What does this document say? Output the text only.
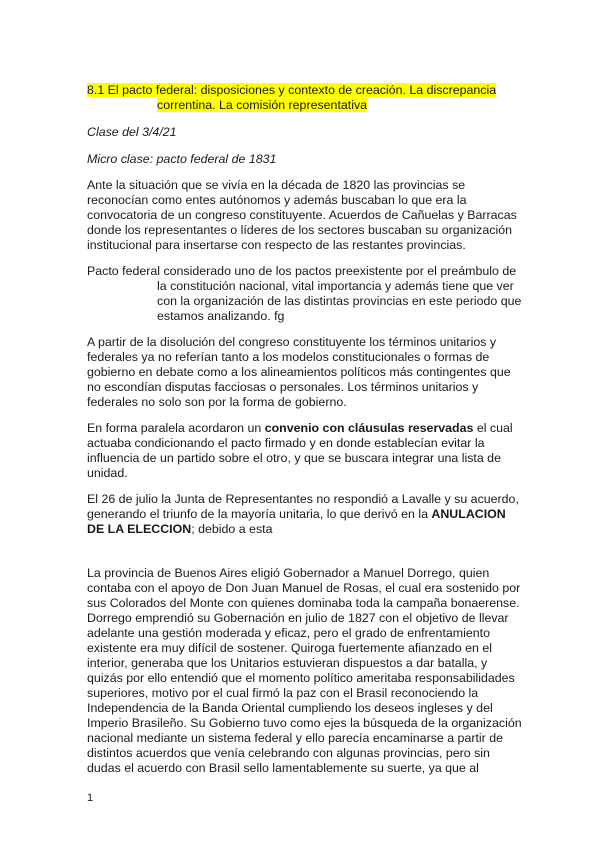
8.1 El pacto federal: disposiciones y contexto de creación. La discrepancia
correntina. La comisión representativa
Clase del 3/4/21
Micro clase: pacto federal de 1831
Ante la situación que se vivía en la década de 1820 las provincias se
reconocían como entes autónomos y además buscaban lo que era la
convocatoria de un congreso constituyente. Acuerdos de Cañuelas y Barracas
donde los representantes o líderes de los sectores buscaban su organización
institucional para insertarse con respecto de las restantes provincias.
Pacto federal considerado uno de los pactos preexistente por el preámbulo de
la constitución nacional, vital importancia y además tiene que ver
con la organización de las distintas provincias en este periodo que
estamos analizando. fg
A partir de la disolución del congreso constituyente los términos unitarios y
federales ya no referían tanto a los modelos constitucionales o formas de
gobierno en debate como a los alineamientos políticos más contingentes que
no escondían disputas facciosas o personales. Los términos unitarios y
federales no solo son por la forma de gobierno.
En forma paralela acordaron un convenio con cláusulas reservadas el cual
actuaba condicionando el pacto firmado y en donde establecían evitar la
influencia de un partido sobre el otro, y que se buscara integrar una lista de
unidad.
El 26 de julio la Junta de Representantes no respondió a Lavalle y su acuerdo,
generando el triunfo de la mayoría unitaria, lo que derivó en la ANULACION
DE LA ELECCION; debido a esta
La provincia de Buenos Aires eligió Gobernador a Manuel Dorrego, quien
contaba con el apoyo de Don Juan Manuel de Rosas, el cual era sostenido por
sus Colorados del Monte con quienes dominaba toda la campaña bonaerense.
Dorrego emprendió su Gobernación en julio de 1827 con el objetivo de llevar
adelante una gestión moderada y eficaz, pero el grado de enfrentamiento
existente era muy difícil de sostener. Quiroga fuertemente afianzado en el
interior, generaba que los Unitarios estuvieran dispuestos a dar batalla, y
quizás por ello entendió que el momento político ameritaba responsabilidades
superiores, motivo por el cual firmó la paz con el Brasil reconociendo la
Independencia de la Banda Oriental cumpliendo los deseos ingleses y del
Imperio Brasileño. Su Gobierno tuvo como ejes la búsqueda de la organización
nacional mediante un sistema federal y ello parecía encaminarse a partir de
distintos acuerdos que venía celebrando con algunas provincias, pero sin
dudas el acuerdo con Brasil sello lamentablemente su suerte, ya que al
1
